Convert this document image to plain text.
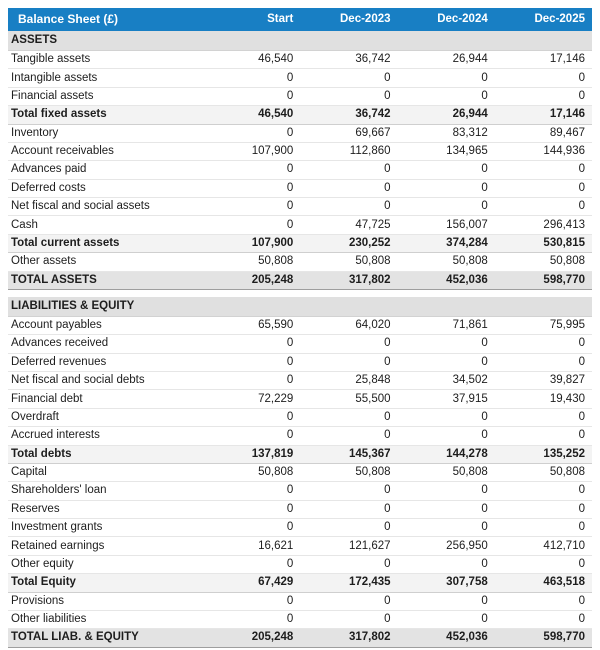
Balance Sheet (£)	Start	Dec-2023	Dec-2024	Dec-2025
ASSETS				
Tangible assets	46,540	36,742	26,944	17,146
Intangible assets	0	0	0	0
Financial assets	0	0	0	0
Total fixed assets	46,540	36,742	26,944	17,146
Inventory	0	69,667	83,312	89,467
Account receivables	107,900	112,860	134,965	144,936
Advances paid	0	0	0	0
Deferred costs	0	0	0	0
Net fiscal and social assets	0	0	0	0
Cash	0	47,725	156,007	296,413
Total current assets	107,900	230,252	374,284	530,815
Other assets	50,808	50,808	50,808	50,808
TOTAL ASSETS	205,248	317,802	452,036	598,770

LIABILITIES & EQUITY				
Account payables	65,590	64,020	71,861	75,995
Advances received	0	0	0	0
Deferred revenues	0	0	0	0
Net fiscal and social debts	0	25,848	34,502	39,827
Financial debt	72,229	55,500	37,915	19,430
Overdraft	0	0	0	0
Accrued interests	0	0	0	0
Total debts	137,819	145,367	144,278	135,252
Capital	50,808	50,808	50,808	50,808
Shareholders' loan	0	0	0	0
Reserves	0	0	0	0
Investment grants	0	0	0	0
Retained earnings	16,621	121,627	256,950	412,710
Other equity	0	0	0	0
Total Equity	67,429	172,435	307,758	463,518
Provisions	0	0	0	0
Other liabilities	0	0	0	0
TOTAL LIAB. & EQUITY	205,248	317,802	452,036	598,770
